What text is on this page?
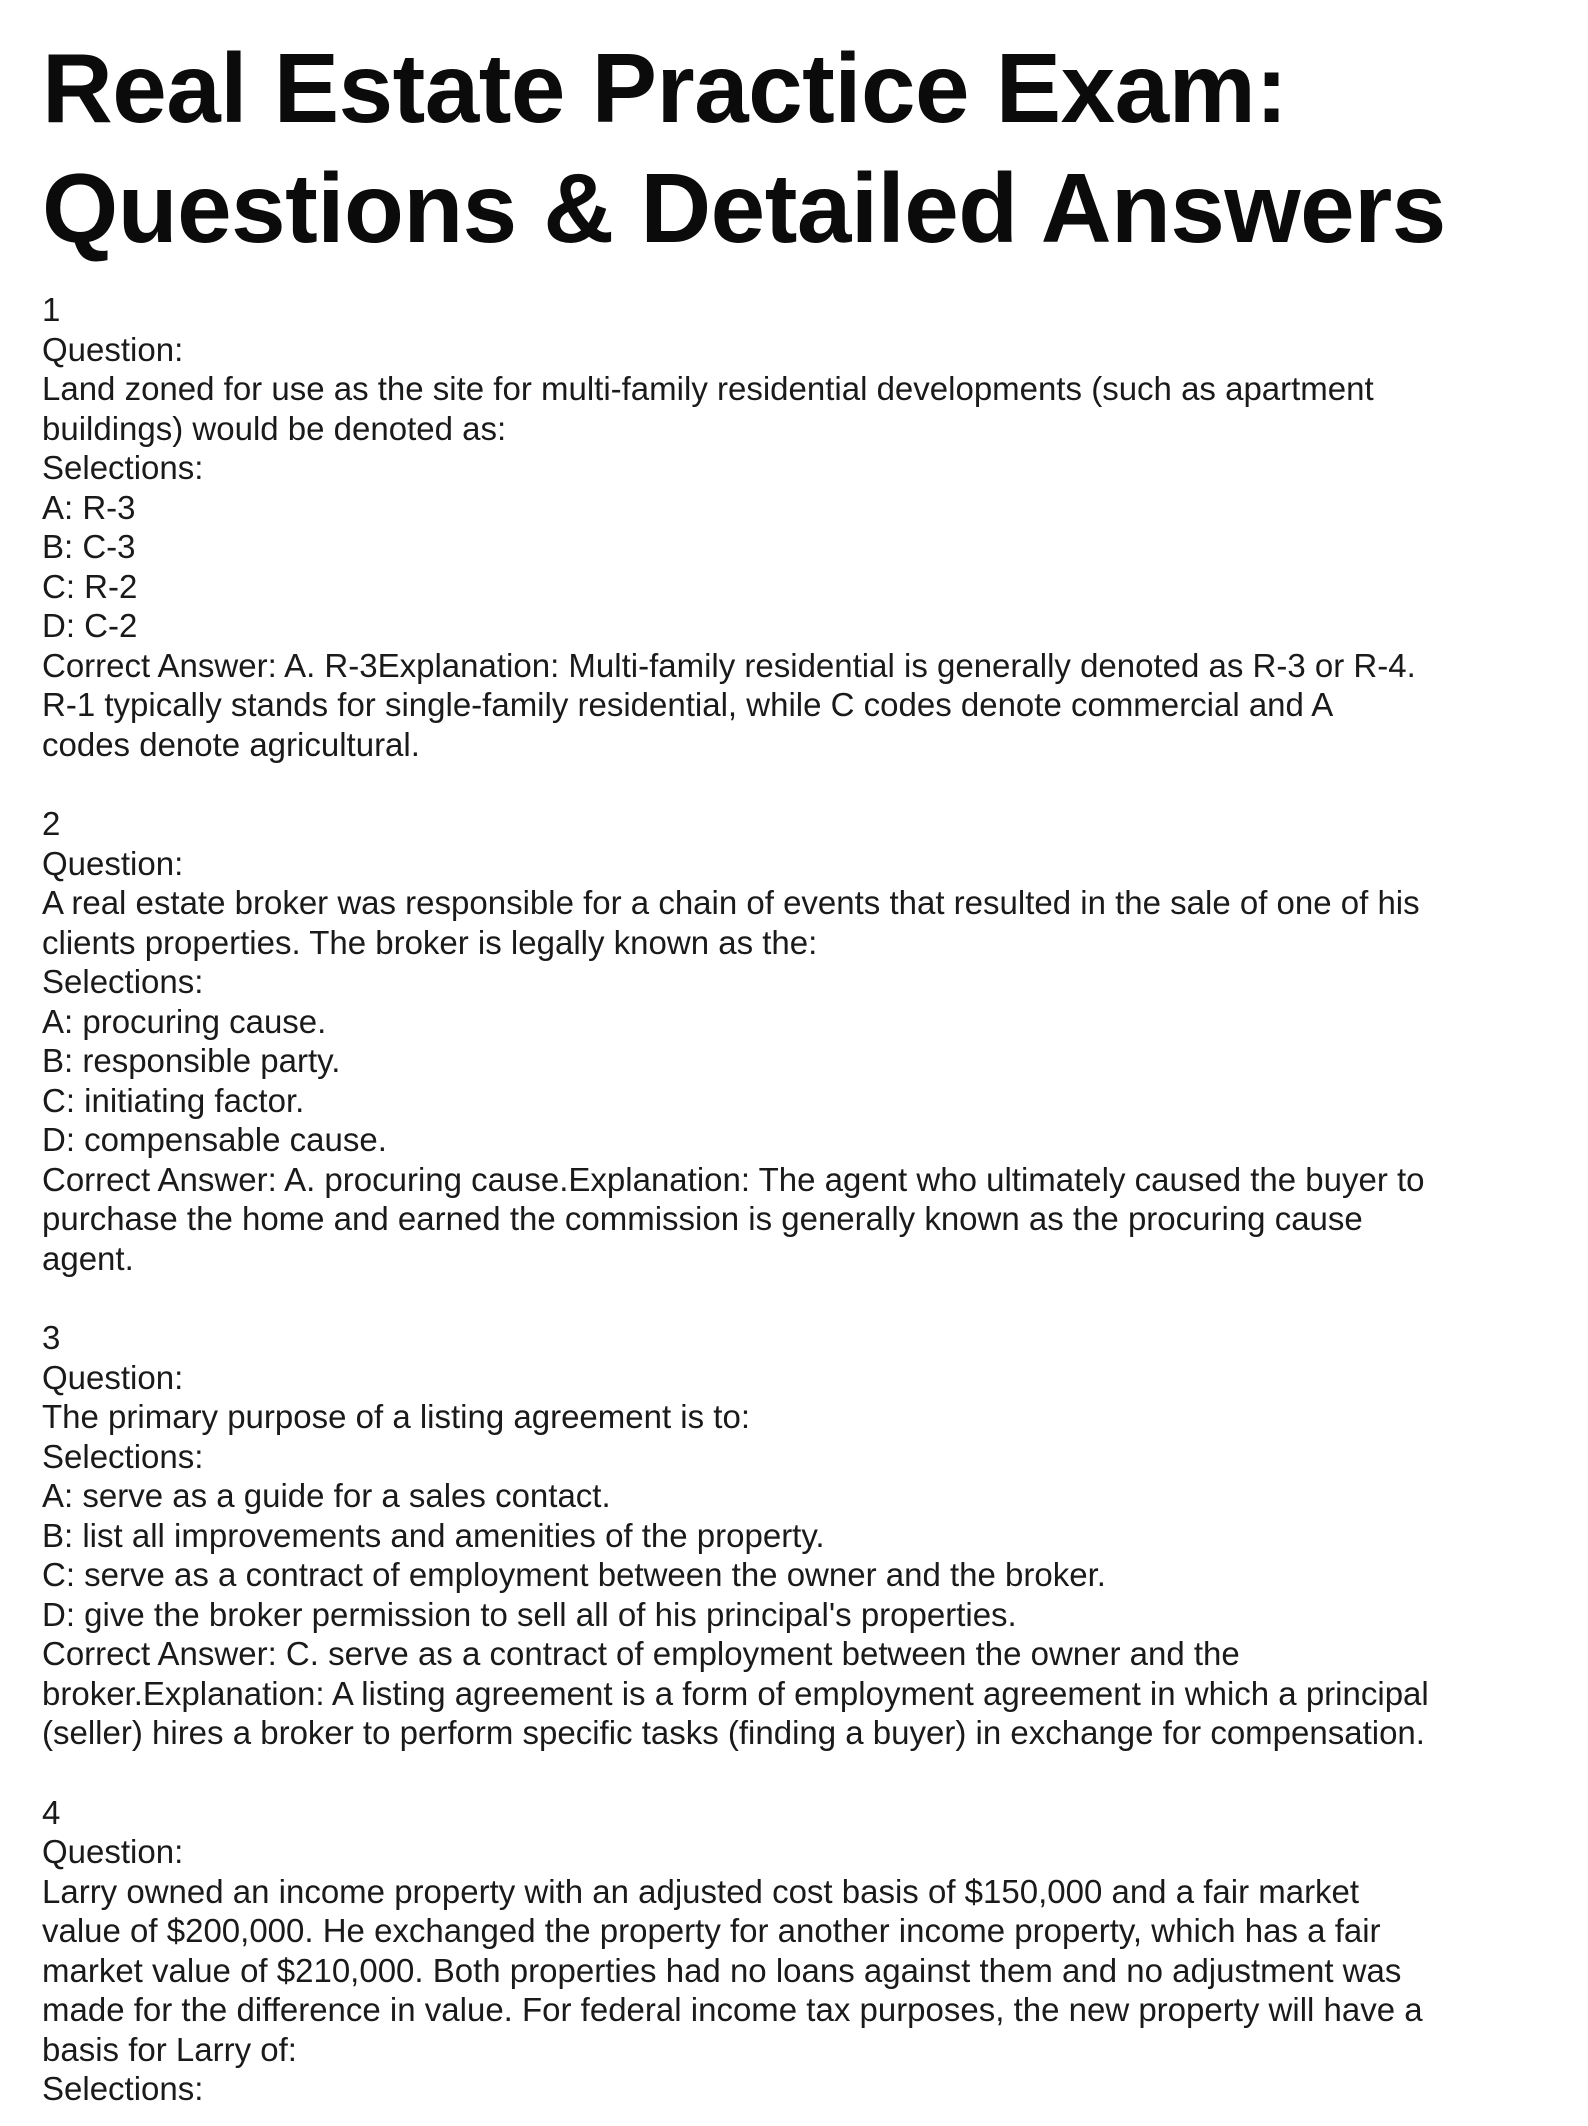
Real Estate Practice Exam:
Questions & Detailed Answers
1
Question:
Land zoned for use as the site for multi-family residential developments (such as apartment
buildings) would be denoted as:
Selections:
A: R-3
B: C-3
C: R-2
D: C-2
Correct Answer: A. R-3Explanation: Multi-family residential is generally denoted as R-3 or R-4.
R-1 typically stands for single-family residential, while C codes denote commercial and A
codes denote agricultural.
2
Question:
A real estate broker was responsible for a chain of events that resulted in the sale of one of his
clients properties. The broker is legally known as the:
Selections:
A: procuring cause.
B: responsible party.
C: initiating factor.
D: compensable cause.
Correct Answer: A. procuring cause.Explanation: The agent who ultimately caused the buyer to
purchase the home and earned the commission is generally known as the procuring cause
agent.
3
Question:
The primary purpose of a listing agreement is to:
Selections:
A: serve as a guide for a sales contact.
B: list all improvements and amenities of the property.
C: serve as a contract of employment between the owner and the broker.
D: give the broker permission to sell all of his principal's properties.
Correct Answer: C. serve as a contract of employment between the owner and the
broker.Explanation: A listing agreement is a form of employment agreement in which a principal
(seller) hires a broker to perform specific tasks (finding a buyer) in exchange for compensation.
4
Question:
Larry owned an income property with an adjusted cost basis of $150,000 and a fair market
value of $200,000. He exchanged the property for another income property, which has a fair
market value of $210,000. Both properties had no loans against them and no adjustment was
made for the difference in value. For federal income tax purposes, the new property will have a
basis for Larry of:
Selections:
